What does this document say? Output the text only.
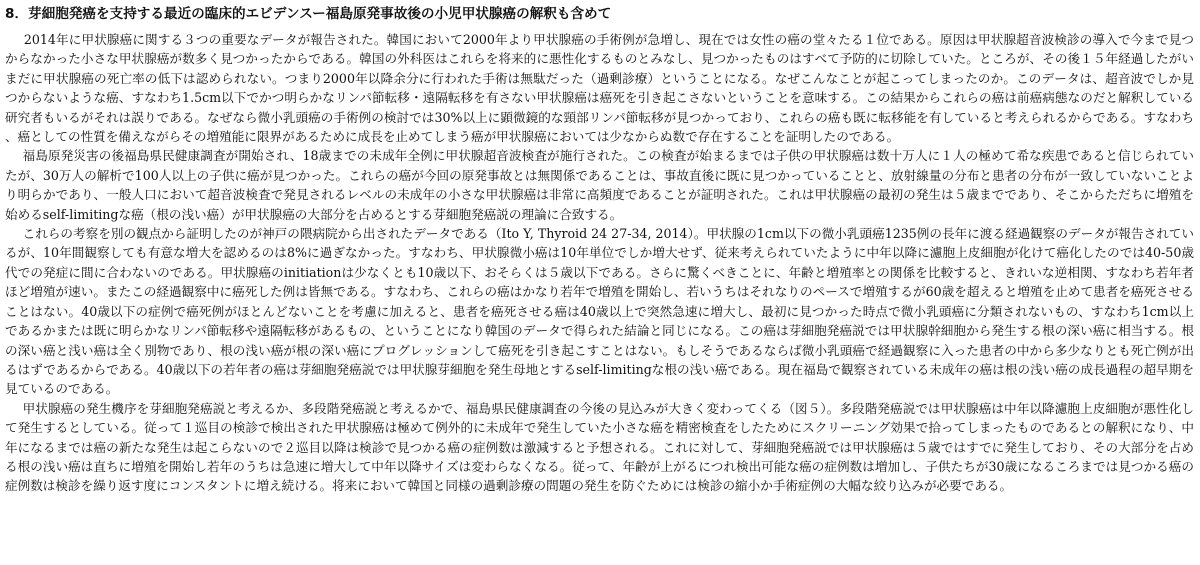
8．芽細胞発癌を支持する最近の臨床的エビデンスー福島原発事故後の小児甲状腺癌の解釈も含めて

2014年に甲状腺癌に関する３つの重要なデータが報告された。韓国において2000年より甲状腺癌の手術例が急増し、現在では女性の癌の堂々たる１位である。原因は甲状腺超音波検診の導入で今まで見つからなかった小さな甲状腺癌が数多く見つかったからである。韓国の外科医はこれらを将来的に悪性化するものとみなし、見つかったものはすべて予防的に切除していた。ところが、その後１５年経過したがいまだに甲状腺癌の死亡率の低下は認められない。つまり2000年以降余分に行われた手術は無駄だった（過剰診療）ということになる。なぜこんなことが起こってしまったのか。このデータは、超音波でしか見つからないような癌、すなわち1.5cm以下でかつ明らかなリンパ節転移・遠隔転移を有さない甲状腺癌は癌死を引き起こさないということを意味する。この結果からこれらの癌は前癌病態なのだと解釈している研究者もいるがそれは誤りである。なぜなら微小乳頭癌の手術例の検討では30%以上に顕微鏡的な頸部リンパ節転移が見つかっており、これらの癌も既に転移能を有していると考えられるからである。すなわち、癌としての性質を備えながらその増殖能に限界があるために成長を止めてしまう癌が甲状腺癌においては少なからぬ数で存在することを証明したのである。

福島原発災害の後福島県民健康調査が開始され、18歳までの未成年全例に甲状腺超音波検査が施行された。この検査が始まるまでは子供の甲状腺癌は数十万人に１人の極めて希な疾患であると信じられていたが、30万人の解析で100人以上の子供に癌が見つかった。これらの癌が今回の原発事故とは無関係であることは、事故直後に既に見つかっていることと、放射線量の分布と患者の分布が一致していないことより明らかであり、一般人口において超音波検査で発見されるレベルの未成年の小さな甲状腺癌は非常に高頻度であることが証明された。これは甲状腺癌の最初の発生は５歳までであり、そこからただちに増殖を始めるself-limitingな癌（根の浅い癌）が甲状腺癌の大部分を占めるとする芽細胞発癌説の理論に合致する。

これらの考察を別の観点から証明したのが神戸の隈病院から出されたデータである（Ito Y, Thyroid 24 27-34, 2014）。甲状腺の1cm以下の微小乳頭癌1235例の長年に渡る経過観察のデータが報告されているが、10年間観察しても有意な増大を認めるのは8%に過ぎなかった。すなわち、甲状腺微小癌は10年単位でしか増大せず、従来考えられていたように中年以降に濾胞上皮細胞が化けて癌化したのでは40-50歳代での発症に間に合わないのである。甲状腺癌のinitiationは少なくとも10歳以下、おそらくは５歳以下である。さらに驚くべきことに、年齢と増殖率との関係を比較すると、きれいな逆相関、すなわち若年者ほど増殖が速い。またこの経過観察中に癌死した例は皆無である。すなわち、これらの癌はかなり若年で増殖を開始し、若いうちはそれなりのペースで増殖するが60歳を超えると増殖を止めて患者を癌死させることはない。40歳以下の症例で癌死例がほとんどないことを考慮に加えると、患者を癌死させる癌は40歳以上で突然急速に増大し、最初に見つかった時点で微小乳頭癌に分類されないもの、すなわち1cm以上であるかまたは既に明らかなリンパ節転移や遠隔転移があるもの、ということになり韓国のデータで得られた結論と同じになる。この癌は芽細胞発癌説では甲状腺幹細胞から発生する根の深い癌に相当する。根の深い癌と浅い癌は全く別物であり、根の浅い癌が根の深い癌にプログレッションして癌死を引き起こすことはない。もしそうであるならば微小乳頭癌で経過観察に入った患者の中から多少なりとも死亡例が出るはずであるからである。40歳以下の若年者の癌は芽細胞発癌説では甲状腺芽細胞を発生母地とするself-limitingな根の浅い癌である。現在福島で観察されている未成年の癌は根の浅い癌の成長過程の超早期を見ているのである。

甲状腺癌の発生機序を芽細胞発癌説と考えるか、多段階発癌説と考えるかで、福島県民健康調査の今後の見込みが大きく変わってくる（図５）。多段階発癌説では甲状腺癌は中年以降濾胞上皮細胞が悪性化して発生するとしている。従って１巡目の検診で検出された甲状腺癌は極めて例外的に未成年で発生していた小さな癌を精密検査をしたためにスクリーニング効果で拾ってしまったものであるとの解釈になり、中年になるまでは癌の新たな発生は起こらないので２巡目以降は検診で見つかる癌の症例数は激減すると予想される。これに対して、芽細胞発癌説では甲状腺癌は５歳ではすでに発生しており、その大部分を占める根の浅い癌は直ちに増殖を開始し若年のうちは急速に増大して中年以降サイズは変わらなくなる。従って、年齢が上がるにつれ検出可能な癌の症例数は増加し、子供たちが30歳になるころまでは見つかる癌の症例数は検診を繰り返す度にコンスタントに増え続ける。将来において韓国と同様の過剰診療の問題の発生を防ぐためには検診の縮小か手術症例の大幅な絞り込みが必要である。
